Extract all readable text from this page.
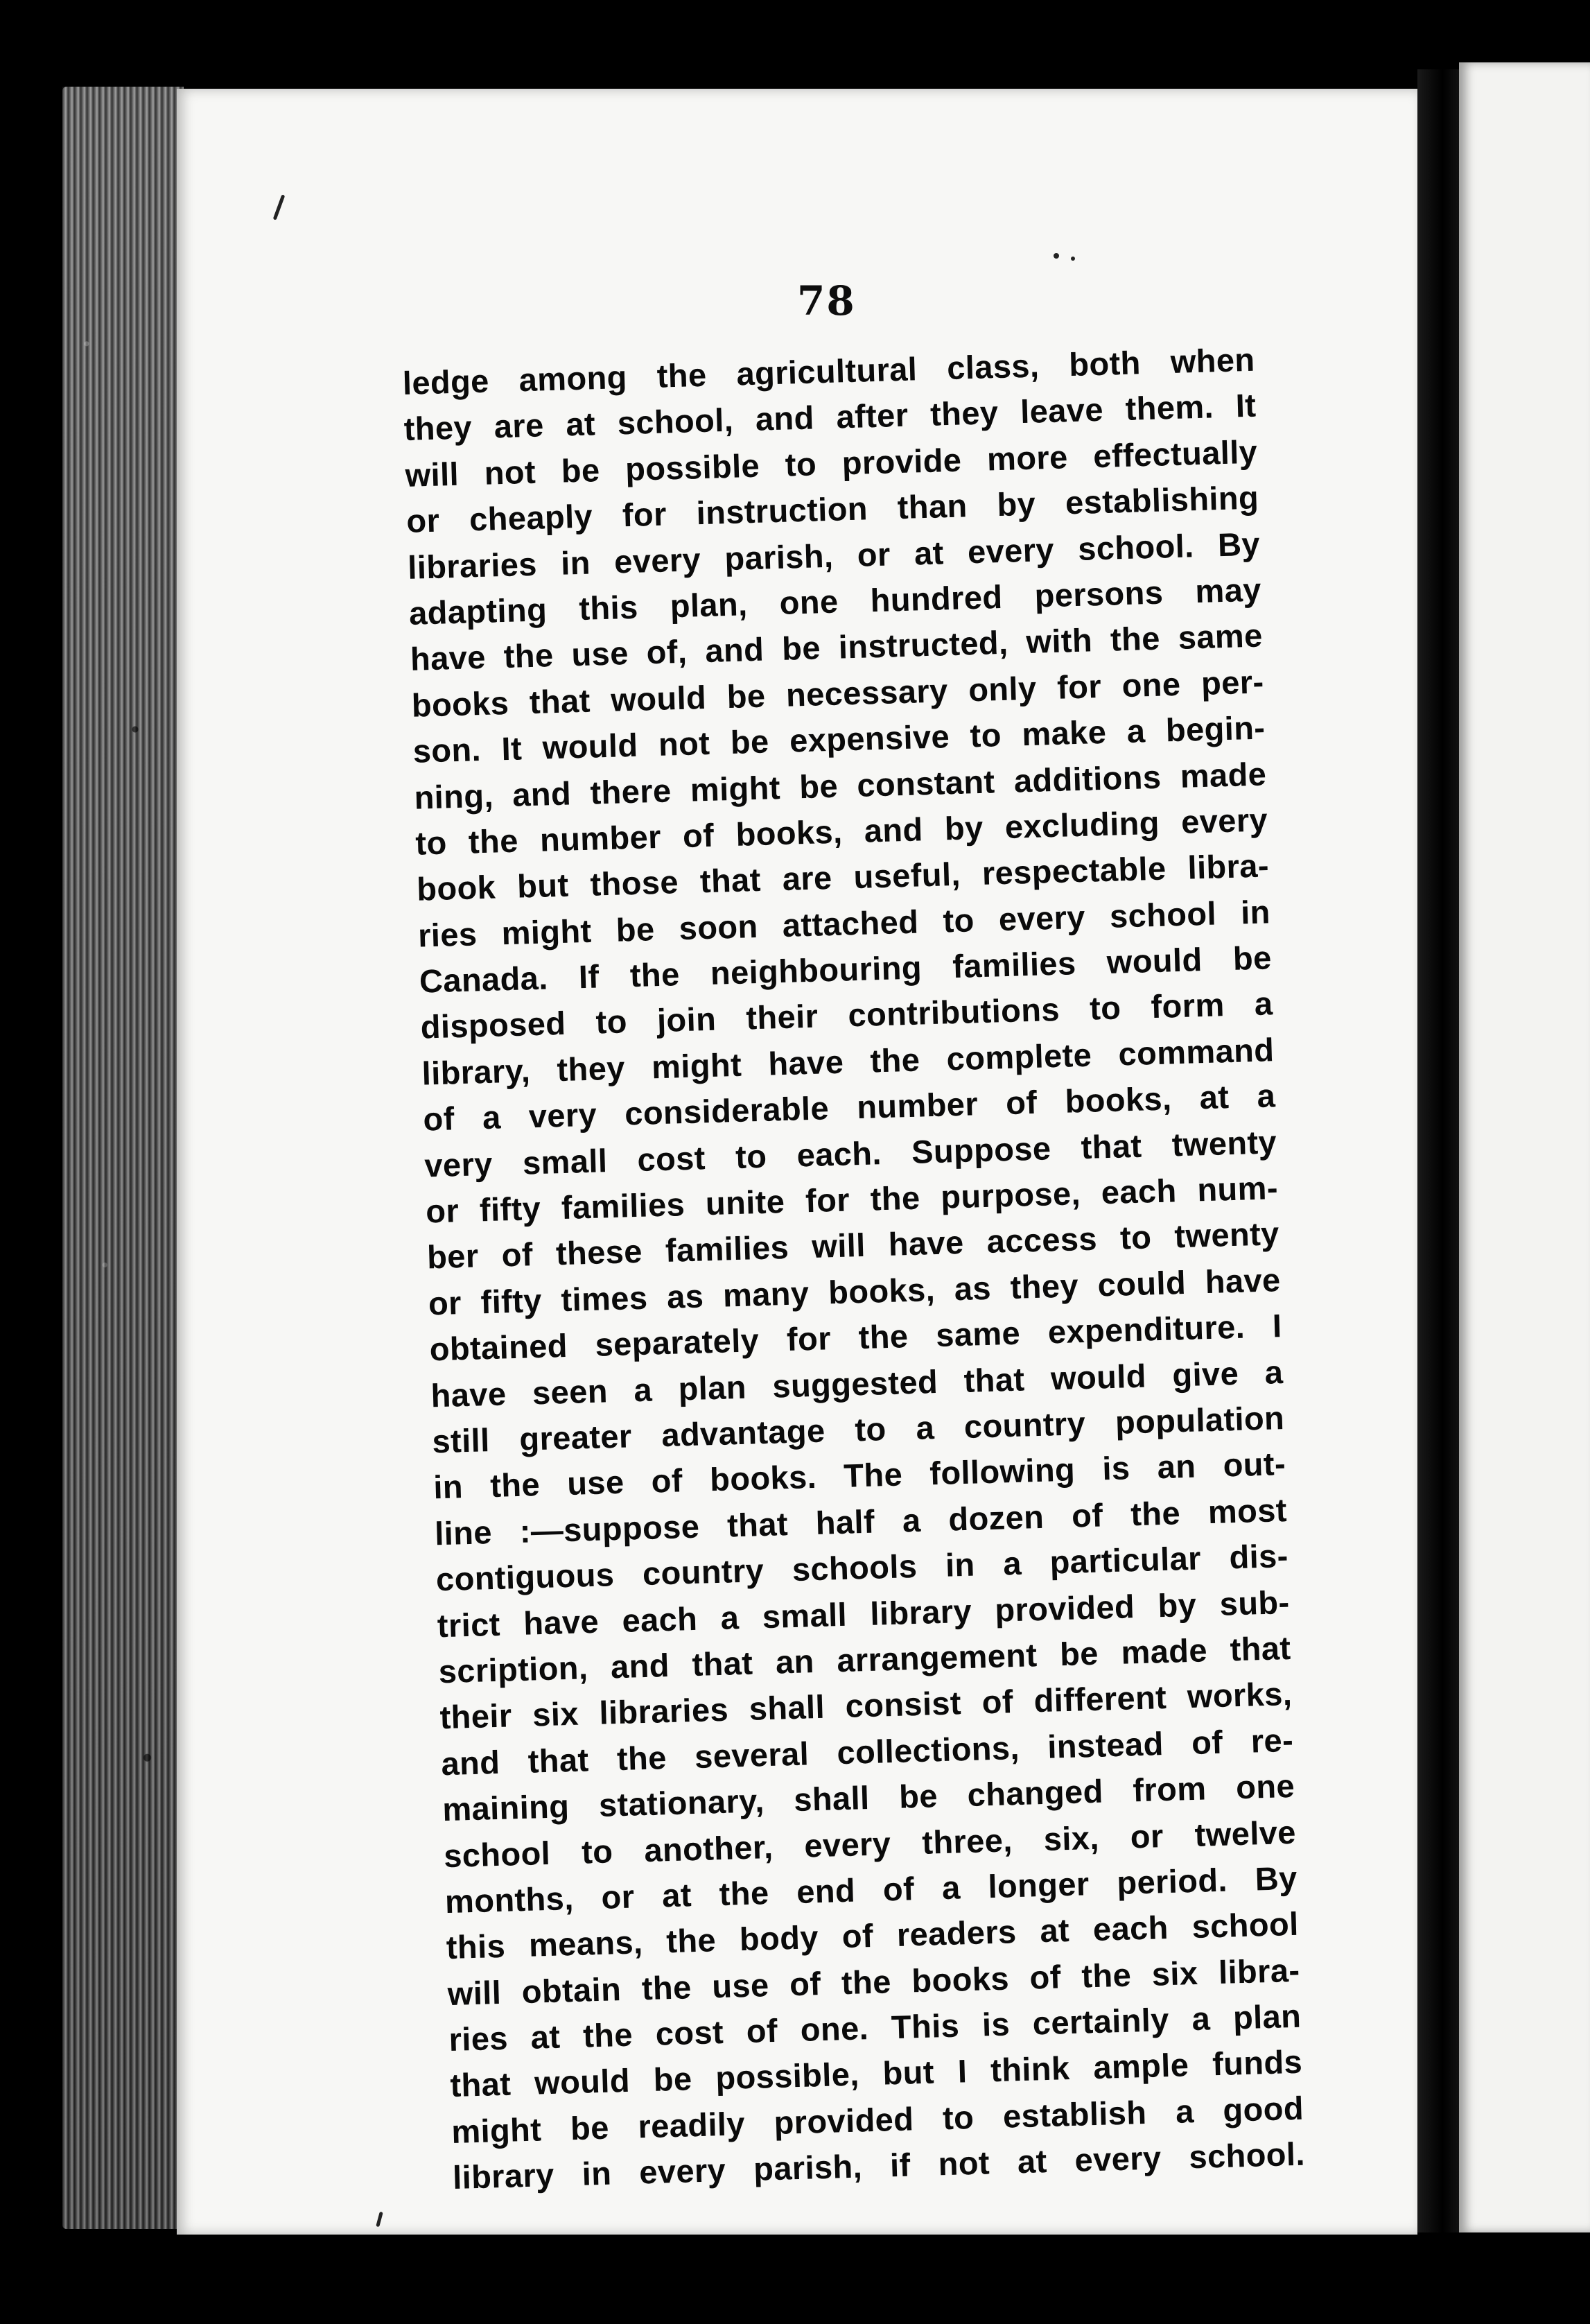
78
ledge among the agricultural class, both when
they are at school, and after they leave them. It
will not be possible to provide more effectually
or cheaply for instruction than by establishing
libraries in every parish, or at every school. By
adapting this plan, one hundred persons may
have the use of, and be instructed, with the same
books that would be necessary only for one per-
son. It would not be expensive to make a begin-
ning, and there might be constant additions made
to the number of books, and by excluding every
book but those that are useful, respectable libra-
ries might be soon attached to every school in
Canada. If the neighbouring families would be
disposed to join their contributions to form a
library, they might have the complete command
of a very considerable number of books, at a
very small cost to each. Suppose that twenty
or fifty families unite for the purpose, each num-
ber of these families will have access to twenty
or fifty times as many books, as they could have
obtained separately for the same expenditure. I
have seen a plan suggested that would give a
still greater advantage to a country population
in the use of books. The following is an out-
line :—suppose that half a dozen of the most
contiguous country schools in a particular dis-
trict have each a small library provided by sub-
scription, and that an arrangement be made that
their six libraries shall consist of different works,
and that the several collections, instead of re-
maining stationary, shall be changed from one
school to another, every three, six, or twelve
months, or at the end of a longer period. By
this means, the body of readers at each school
will obtain the use of the books of the six libra-
ries at the cost of one. This is certainly a plan
that would be possible, but I think ample funds
might be readily provided to establish a good
library in every parish, if not at every school.
